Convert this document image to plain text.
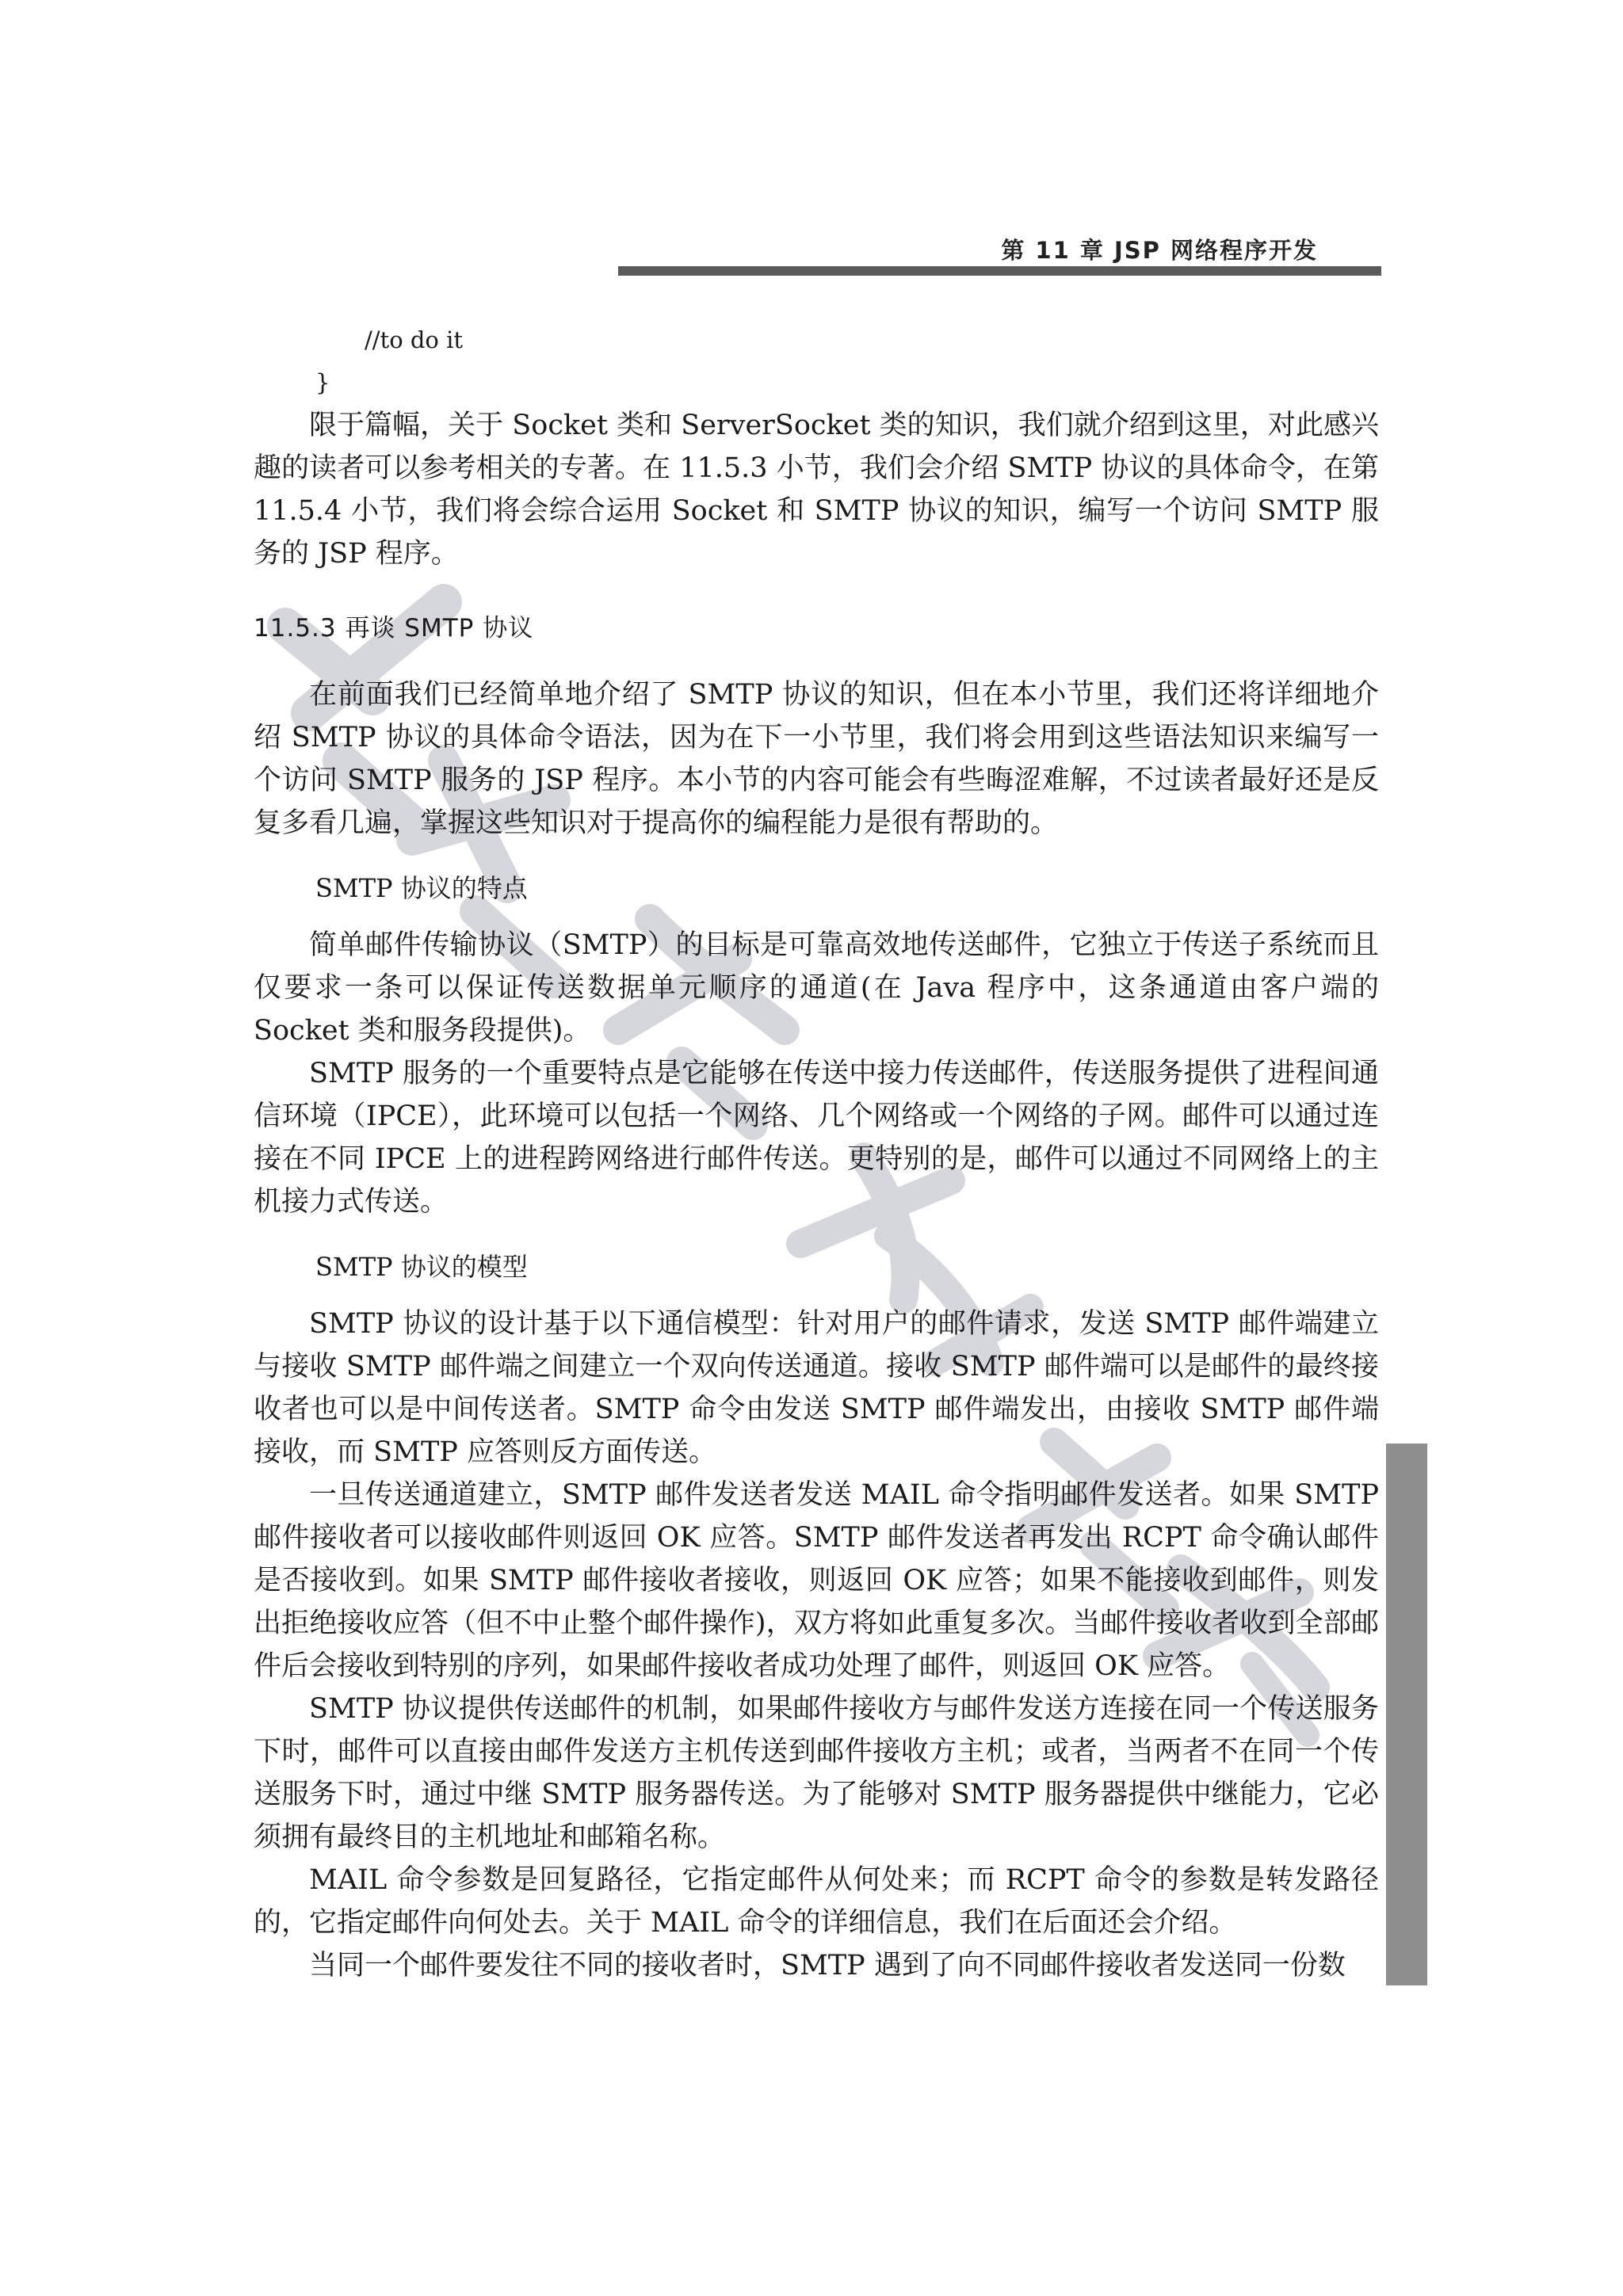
第 11 章 JSP 网络程序开发
//to do it
}

限于篇幅，关于 Socket 类和 ServerSocket 类的知识，我们就介绍到这里，对此感兴趣的读者可以参考相关的专著。在 11.5.3 小节，我们会介绍 SMTP 协议的具体命令，在第 11.5.4 小节，我们将会综合运用 Socket 和 SMTP 协议的知识，编写一个访问 SMTP 服务的 JSP 程序。

11.5.3 再谈 SMTP 协议

在前面我们已经简单地介绍了 SMTP 协议的知识，但在本小节里，我们还将详细地介绍 SMTP 协议的具体命令语法，因为在下一小节里，我们将会用到这些语法知识来编写一个访问 SMTP 服务的 JSP 程序。本小节的内容可能会有些晦涩难解，不过读者最好还是反复多看几遍，掌握这些知识对于提高你的编程能力是很有帮助的。

SMTP 协议的特点

简单邮件传输协议（SMTP）的目标是可靠高效地传送邮件，它独立于传送子系统而且仅要求一条可以保证传送数据单元顺序的通道(在 Java 程序中，这条通道由客户端的 Socket 类和服务段提供)。

SMTP 服务的一个重要特点是它能够在传送中接力传送邮件，传送服务提供了进程间通信环境（IPCE），此环境可以包括一个网络、几个网络或一个网络的子网。邮件可以通过连接在不同 IPCE 上的进程跨网络进行邮件传送。更特别的是，邮件可以通过不同网络上的主机接力式传送。

SMTP 协议的模型

SMTP 协议的设计基于以下通信模型：针对用户的邮件请求，发送 SMTP 邮件端建立与接收 SMTP 邮件端之间建立一个双向传送通道。接收 SMTP 邮件端可以是邮件的最终接收者也可以是中间传送者。SMTP 命令由发送 SMTP 邮件端发出，由接收 SMTP 邮件端接收，而 SMTP 应答则反方面传送。

一旦传送通道建立，SMTP 邮件发送者发送 MAIL 命令指明邮件发送者。如果 SMTP 邮件接收者可以接收邮件则返回 OK 应答。SMTP 邮件发送者再发出 RCPT 命令确认邮件是否接收到。如果 SMTP 邮件接收者接收，则返回 OK 应答；如果不能接收到邮件，则发出拒绝接收应答（但不中止整个邮件操作)，双方将如此重复多次。当邮件接收者收到全部邮件后会接收到特别的序列，如果邮件接收者成功处理了邮件，则返回 OK 应答。

SMTP 协议提供传送邮件的机制，如果邮件接收方与邮件发送方连接在同一个传送服务下时，邮件可以直接由邮件发送方主机传送到邮件接收方主机；或者，当两者不在同一个传送服务下时，通过中继 SMTP 服务器传送。为了能够对 SMTP 服务器提供中继能力，它必须拥有最终目的主机地址和邮箱名称。

MAIL 命令参数是回复路径，它指定邮件从何处来；而 RCPT 命令的参数是转发路径的，它指定邮件向何处去。关于 MAIL 命令的详细信息，我们在后面还会介绍。

当同一个邮件要发往不同的接收者时，SMTP 遇到了向不同邮件接收者发送同一份数
